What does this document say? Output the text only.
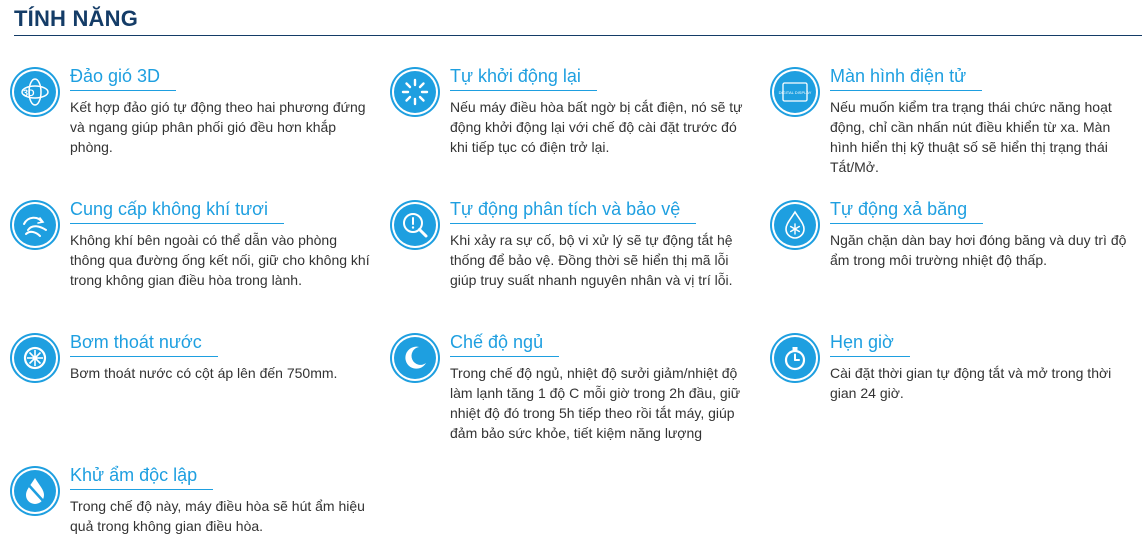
TÍNH NĂNG
3D
Đảo gió 3D
Kết hợp đảo gió tự động theo hai phương đứng và ngang giúp phân phối gió đều hơn khắp phòng.
Tự khởi động lại
Nếu máy điều hòa bất ngờ bị cắt điện, nó sẽ tự động khởi động lại với chế độ cài đặt trước đó khi tiếp tục có điện trở lại.
DIGITAL DISPLAY
Màn hình điện tử
Nếu muốn kiểm tra trạng thái chức năng hoạt động, chỉ cần nhấn nút điều khiển từ xa. Màn hình hiển thị kỹ thuật số sẽ hiển thị trạng thái Tắt/Mở.
Cung cấp không khí tươi
Không khí bên ngoài có thể dẫn vào phòng thông qua đường ống kết nối, giữ cho không khí trong không gian điều hòa trong lành.
Tự động phân tích và bảo vệ
Khi xảy ra sự cố, bộ vi xử lý sẽ tự động tắt hệ thống để bảo vệ. Đồng thời sẽ hiển thị mã lỗi giúp truy suất nhanh nguyên nhân và vị trí lỗi.
Tự động xả băng
Ngăn chặn dàn bay hơi đóng băng và duy trì độ ẩm trong môi trường nhiệt độ thấp.
Bơm thoát nước
Bơm thoát nước có cột áp lên đến 750mm.
Chế độ ngủ
Trong chế độ ngủ, nhiệt độ sưởi giảm/nhiệt độ làm lạnh tăng 1 độ C mỗi giờ trong 2h đầu, giữ nhiệt độ đó trong 5h tiếp theo rồi tắt máy, giúp đảm bảo sức khỏe, tiết kiệm năng lượng
Hẹn giờ
Cài đặt thời gian tự động tắt và mở trong thời gian 24 giờ.
Khử ẩm độc lập
Trong chế độ này, máy điều hòa sẽ hút ẩm hiệu quả trong không gian điều hòa.
